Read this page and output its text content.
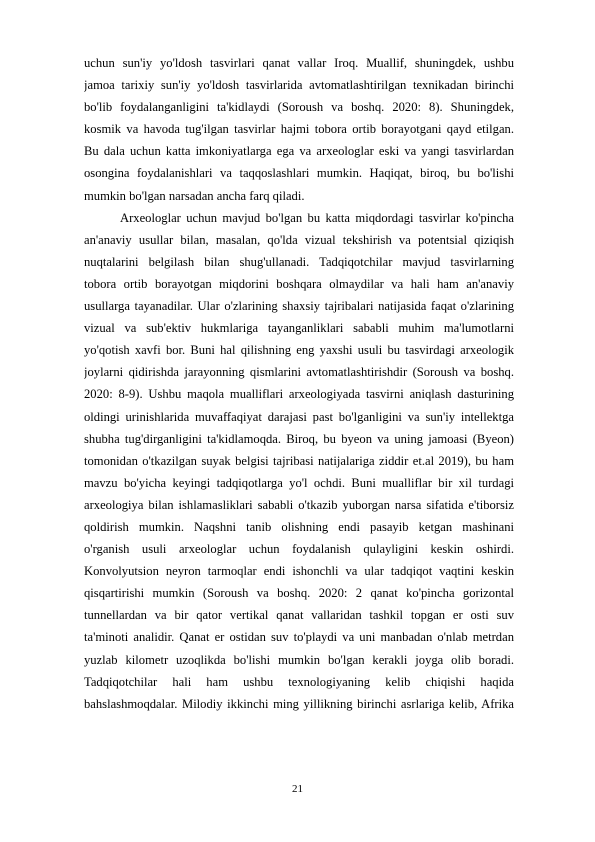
uchun sun'iy yo'ldosh tasvirlari qanat vallar Iroq. Muallif, shuningdek, ushbu
jamoa tarixiy sun'iy yo'ldosh tasvirlarida avtomatlashtirilgan texnikadan birinchi
bo'lib foydalanganligini ta'kidlaydi (Soroush va boshq. 2020: 8). Shuningdek,
kosmik va havoda tug'ilgan tasvirlar hajmi tobora ortib borayotgani qayd etilgan.
Bu dala uchun katta imkoniyatlarga ega va arxeologlar eski va yangi tasvirlardan
osongina foydalanishlari va taqqoslashlari mumkin. Haqiqat, biroq, bu bo'lishi
mumkin bo'lgan narsadan ancha farq qiladi.
Arxeologlar uchun mavjud bo'lgan bu katta miqdordagi tasvirlar ko'pincha
an'anaviy usullar bilan, masalan, qo'lda vizual tekshirish va potentsial qiziqish
nuqtalarini belgilash bilan shug'ullanadi. Tadqiqotchilar mavjud tasvirlarning
tobora ortib borayotgan miqdorini boshqara olmaydilar va hali ham an'anaviy
usullarga tayanadilar. Ular o'zlarining shaxsiy tajribalari natijasida faqat o'zlarining
vizual va sub'ektiv hukmlariga tayanganliklari sababli muhim ma'lumotlarni
yo'qotish xavfi bor. Buni hal qilishning eng yaxshi usuli bu tasvirdagi arxeologik
joylarni qidirishda jarayonning qismlarini avtomatlashtirishdir (Soroush va boshq.
2020: 8-9). Ushbu maqola mualliflari arxeologiyada tasvirni aniqlash dasturining
oldingi urinishlarida muvaffaqiyat darajasi past bo'lganligini va sun'iy intellektga
shubha tug'dirganligini ta'kidlamoqda. Biroq, bu byeon va uning jamoasi (Byeon)
tomonidan o'tkazilgan suyak belgisi tajribasi natijalariga ziddir et.al 2019), bu ham
mavzu bo'yicha keyingi tadqiqotlarga yo'l ochdi. Buni mualliflar bir xil turdagi
arxeologiya bilan ishlamasliklari sababli o'tkazib yuborgan narsa sifatida e'tiborsiz
qoldirish mumkin. Naqshni tanib olishning endi pasayib ketgan mashinani
o'rganish usuli arxeologlar uchun foydalanish qulayligini keskin oshirdi.
Konvolyutsion neyron tarmoqlar endi ishonchli va ular tadqiqot vaqtini keskin
qisqartirishi mumkin (Soroush va boshq. 2020: 2 qanat ko'pincha gorizontal
tunnellardan va bir qator vertikal qanat vallaridan tashkil topgan er osti suv
ta'minoti analidir. Qanat er ostidan suv to'playdi va uni manbadan o'nlab metrdan
yuzlab kilometr uzoqlikda bo'lishi mumkin bo'lgan kerakli joyga olib boradi.
Tadqiqotchilar hali ham ushbu texnologiyaning kelib chiqishi haqida
bahslashmoqdalar. Milodiy ikkinchi ming yillikning birinchi asrlariga kelib, Afrika
21
